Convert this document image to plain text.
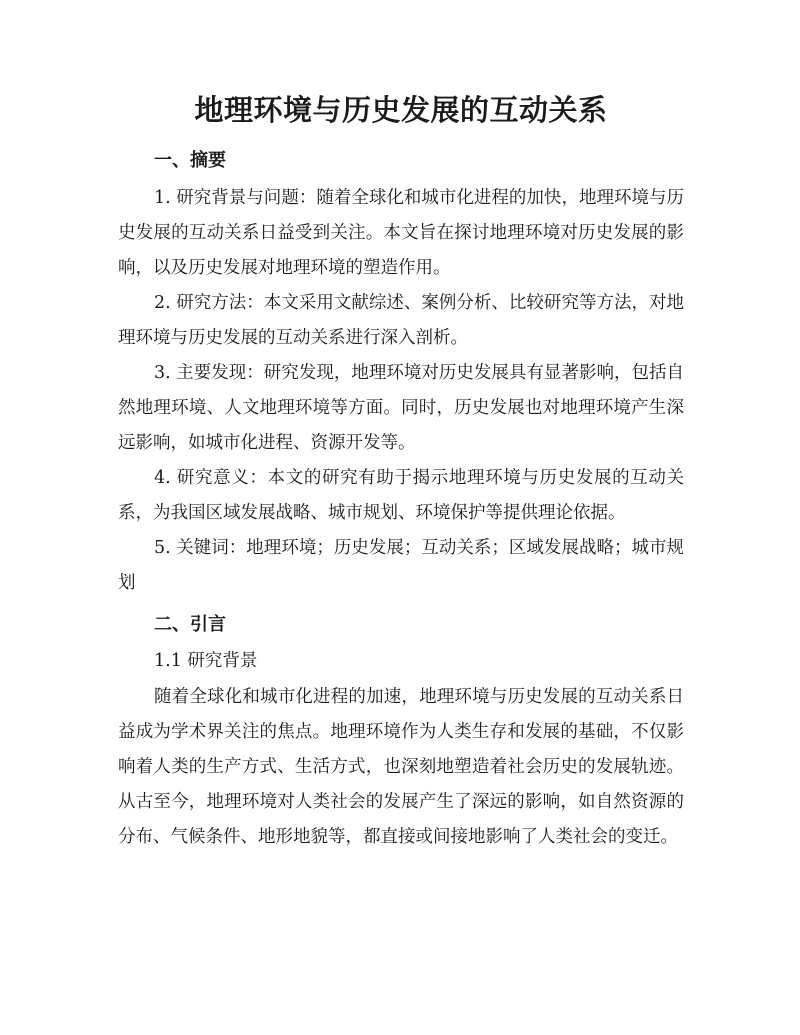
地理环境与历史发展的互动关系
一、摘要

1. 研究背景与问题：随着全球化和城市化进程的加快，地理环境与历史发展的互动关系日益受到关注。本文旨在探讨地理环境对历史发展的影响，以及历史发展对地理环境的塑造作用。

2. 研究方法：本文采用文献综述、案例分析、比较研究等方法，对地理环境与历史发展的互动关系进行深入剖析。

3. 主要发现：研究发现，地理环境对历史发展具有显著影响，包括自然地理环境、人文地理环境等方面。同时，历史发展也对地理环境产生深远影响，如城市化进程、资源开发等。

4. 研究意义：本文的研究有助于揭示地理环境与历史发展的互动关系，为我国区域发展战略、城市规划、环境保护等提供理论依据。

5. 关键词：地理环境；历史发展；互动关系；区域发展战略；城市规划

二、引言

1.1 研究背景

随着全球化和城市化进程的加速，地理环境与历史发展的互动关系日益成为学术界关注的焦点。地理环境作为人类生存和发展的基础，不仅影响着人类的生产方式、生活方式，也深刻地塑造着社会历史的发展轨迹。从古至今，地理环境对人类社会的发展产生了深远的影响，如自然资源的分布、气候条件、地形地貌等，都直接或间接地影响了人类社会的变迁。
